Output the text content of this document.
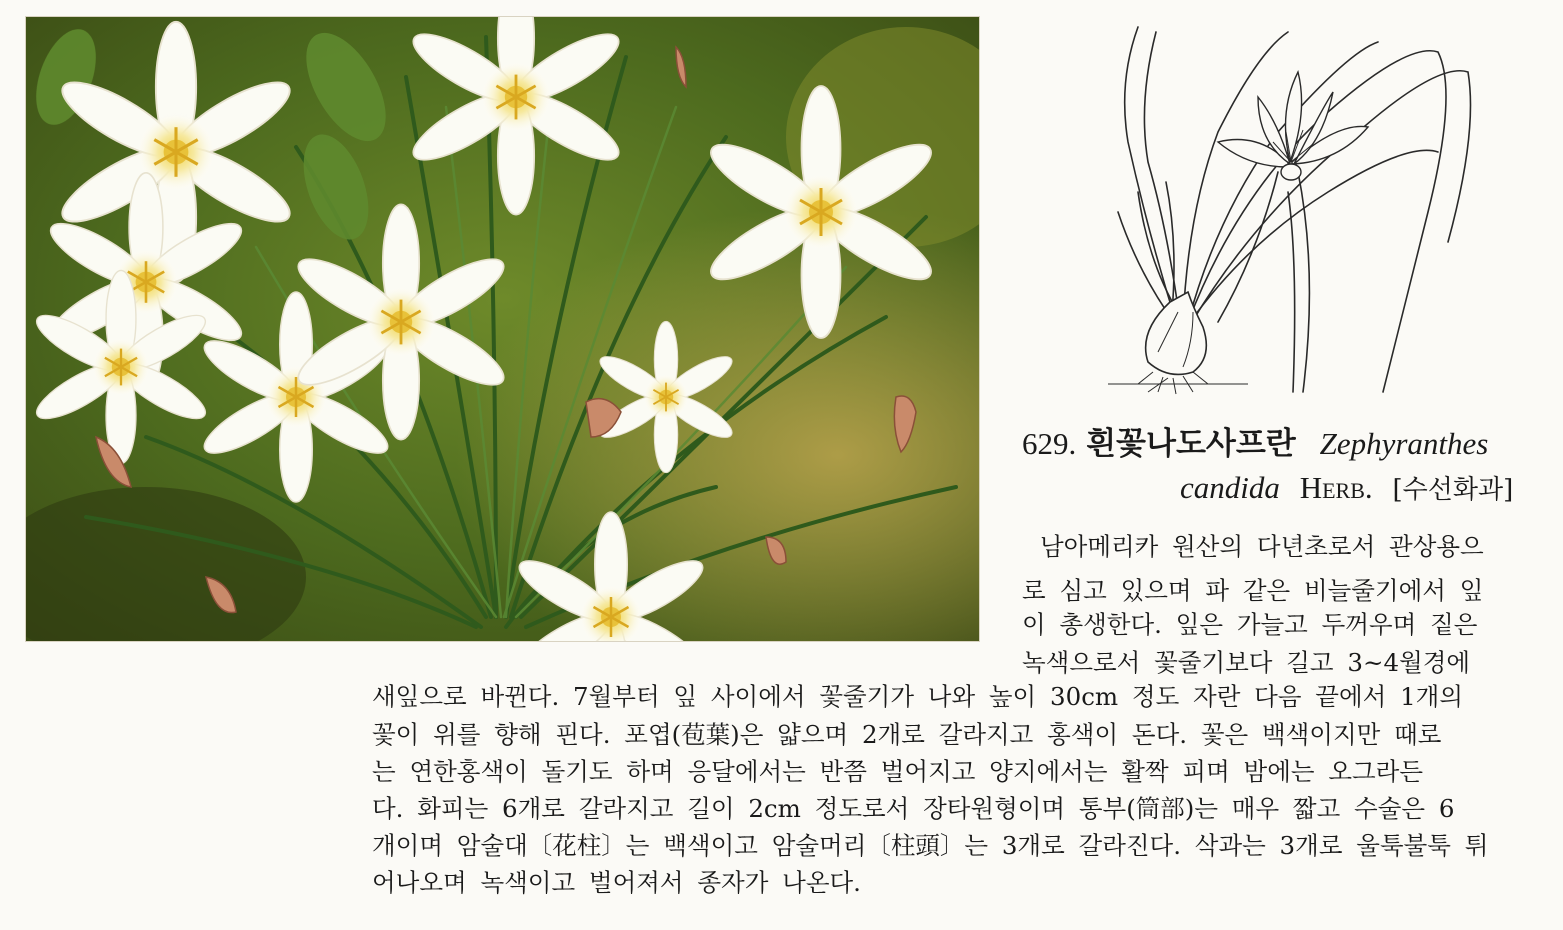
629. 흰꽃나도사프란 Zephyranthes
candida Herb. [수선화과]
남아메리카 원산의 다년초로서 관상용으
로 심고 있으며 파 같은 비늘줄기에서 잎
이 총생한다. 잎은 가늘고 두꺼우며 짙은
녹색으로서 꽃줄기보다 길고 3~4월경에
새잎으로 바뀐다. 7월부터 잎 사이에서 꽃줄기가 나와 높이 30cm 정도 자란 다음 끝에서 1개의
꽃이 위를 향해 핀다. 포엽(苞葉)은 얇으며 2개로 갈라지고 홍색이 돈다. 꽃은 백색이지만 때로
는 연한홍색이 돌기도 하며 응달에서는 반쯤 벌어지고 양지에서는 활짝 피며 밤에는 오그라든
다. 화피는 6개로 갈라지고 길이 2cm 정도로서 장타원형이며 통부(筒部)는 매우 짧고 수술은 6
개이며 암술대〔花柱〕는 백색이고 암술머리〔柱頭〕는 3개로 갈라진다. 삭과는 3개로 울툭불툭 튀
어나오며 녹색이고 벌어져서 종자가 나온다.
